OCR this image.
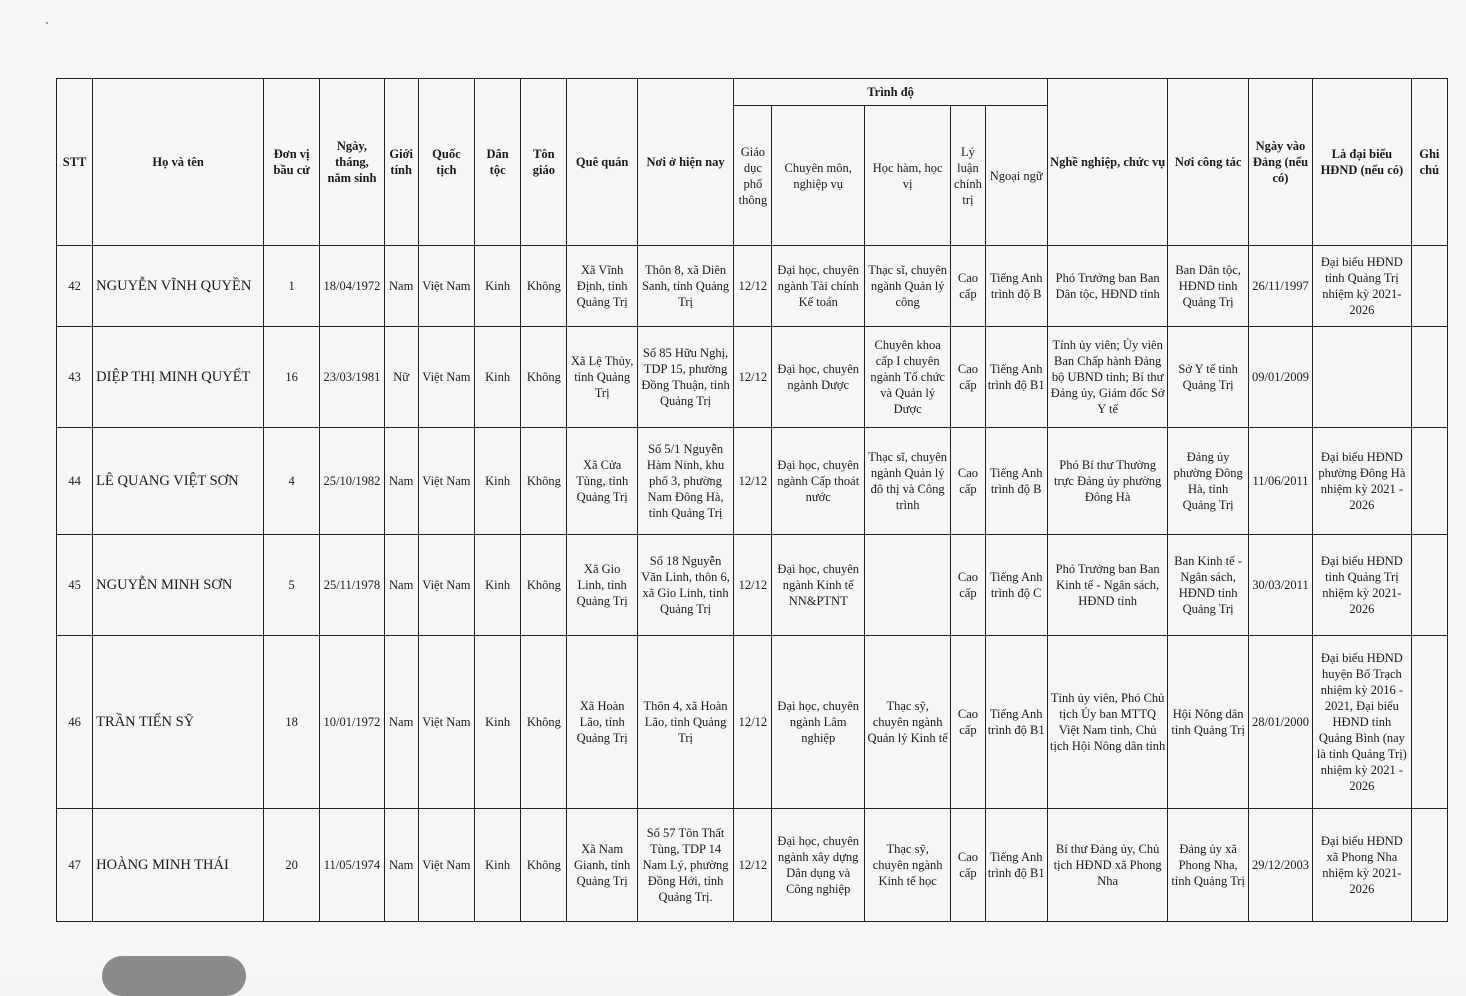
STT	Họ và tên	Đơn vị bầu cử	Ngày, tháng, năm sinh	Giới tính	Quốc tịch	Dân tộc	Tôn giáo	Quê quán	Nơi ở hiện nay	Trình độ					Nghề nghiệp, chức vụ	Nơi công tác	Ngày vào Đảng (nếu có)	Là đại biểu HĐND (nếu có)	Ghi chú
										Giáo dục phổ thông	Chuyên môn, nghiệp vụ	Học hàm, học vị	Lý luận chính trị	Ngoại ngữ					
42	NGUYỄN VĨNH QUYỀN	1	18/04/1972	Nam	Việt Nam	Kinh	Không	Xã Vĩnh Định, tỉnh Quảng Trị	Thôn 8, xã Diên Sanh, tỉnh Quảng Trị	12/12	Đại học, chuyên ngành Tài chính Kế toán	Thạc sĩ, chuyên ngành Quản lý công	Cao cấp	Tiếng Anh trình độ B	Phó Trưởng ban Ban Dân tộc, HĐND tỉnh	Ban Dân tộc, HĐND tỉnh Quảng Trị	26/11/1997	Đại biểu HĐND tỉnh Quảng Trị nhiệm kỳ 2021-2026	
43	DIỆP THỊ MINH QUYẾT	16	23/03/1981	Nữ	Việt Nam	Kinh	Không	Xã Lệ Thủy, tỉnh Quảng Trị	Số 85 Hữu Nghị, TDP 15, phường Đồng Thuận, tỉnh Quảng Trị	12/12	Đại học, chuyên ngành Dược	Chuyên khoa cấp I chuyên ngành Tổ chức và Quản lý Dược	Cao cấp	Tiếng Anh trình độ B1	Tỉnh ủy viên; Ủy viên Ban Chấp hành Đảng bộ UBND tỉnh; Bí thư Đảng ủy, Giám đốc Sở Y tế	Sở Y tế tỉnh Quảng Trị	09/01/2009		
44	LÊ QUANG VIỆT SƠN	4	25/10/1982	Nam	Việt Nam	Kinh	Không	Xã Cửa Tùng, tỉnh Quảng Trị	Số 5/1 Nguyễn Hàm Ninh, khu phố 3, phường Nam Đông Hà, tỉnh Quảng Trị	12/12	Đại học, chuyên ngành Cấp thoát nước	Thạc sĩ, chuyên ngành Quản lý đô thị và Công trình	Cao cấp	Tiếng Anh trình độ B	Phó Bí thư Thường trực Đảng ủy phường Đông Hà	Đảng ủy phường Đông Hà, tỉnh Quảng Trị	11/06/2011	Đại biểu HĐND phường Đông Hà nhiệm kỳ 2021 - 2026	
45	NGUYỄN MINH SƠN	5	25/11/1978	Nam	Việt Nam	Kinh	Không	Xã Gio Linh, tỉnh Quảng Trị	Số 18 Nguyễn Văn Linh, thôn 6, xã Gio Linh, tỉnh Quảng Trị	12/12	Đại học, chuyên ngành Kinh tế NN&PTNT		Cao cấp	Tiếng Anh trình độ C	Phó Trưởng ban Ban Kinh tế - Ngân sách, HĐND tỉnh	Ban Kinh tế - Ngân sách, HĐND tỉnh Quảng Trị	30/03/2011	Đại biểu HĐND tỉnh Quảng Trị nhiệm kỳ 2021-2026	
46	TRẦN TIẾN SỸ	18	10/01/1972	Nam	Việt Nam	Kinh	Không	Xã Hoàn Lão, tỉnh Quảng Trị	Thôn 4, xã Hoàn Lão, tỉnh Quảng Trị	12/12	Đại học, chuyên ngành Lâm nghiệp	Thạc sỹ, chuyên ngành Quản lý Kinh tế	Cao cấp	Tiếng Anh trình độ B1	Tỉnh ủy viên, Phó Chủ tịch Ủy ban MTTQ Việt Nam tỉnh, Chủ tịch Hội Nông dân tỉnh	Hội Nông dân tỉnh Quảng Trị	28/01/2000	Đại biểu HĐND huyện Bố Trạch nhiệm kỳ 2016 - 2021, Đại biểu HĐND tỉnh Quảng Bình (nay là tỉnh Quảng Trị) nhiệm kỳ 2021 - 2026	
47	HOÀNG MINH THÁI	20	11/05/1974	Nam	Việt Nam	Kinh	Không	Xã Nam Gianh, tỉnh Quảng Trị	Số 57 Tôn Thất Tùng, TDP 14 Nam Lý, phường Đồng Hới, tỉnh Quảng Trị.	12/12	Đại học, chuyên ngành xây dựng Dân dụng và Công nghiệp	Thạc sỹ, chuyên ngành Kinh tế học	Cao cấp	Tiếng Anh trình độ B1	Bí thư Đảng ủy, Chủ tịch HĐND xã Phong Nha	Đảng ủy xã Phong Nha, tỉnh Quảng Trị	29/12/2003	Đại biểu HĐND xã Phong Nha nhiệm kỳ 2021-2026	
